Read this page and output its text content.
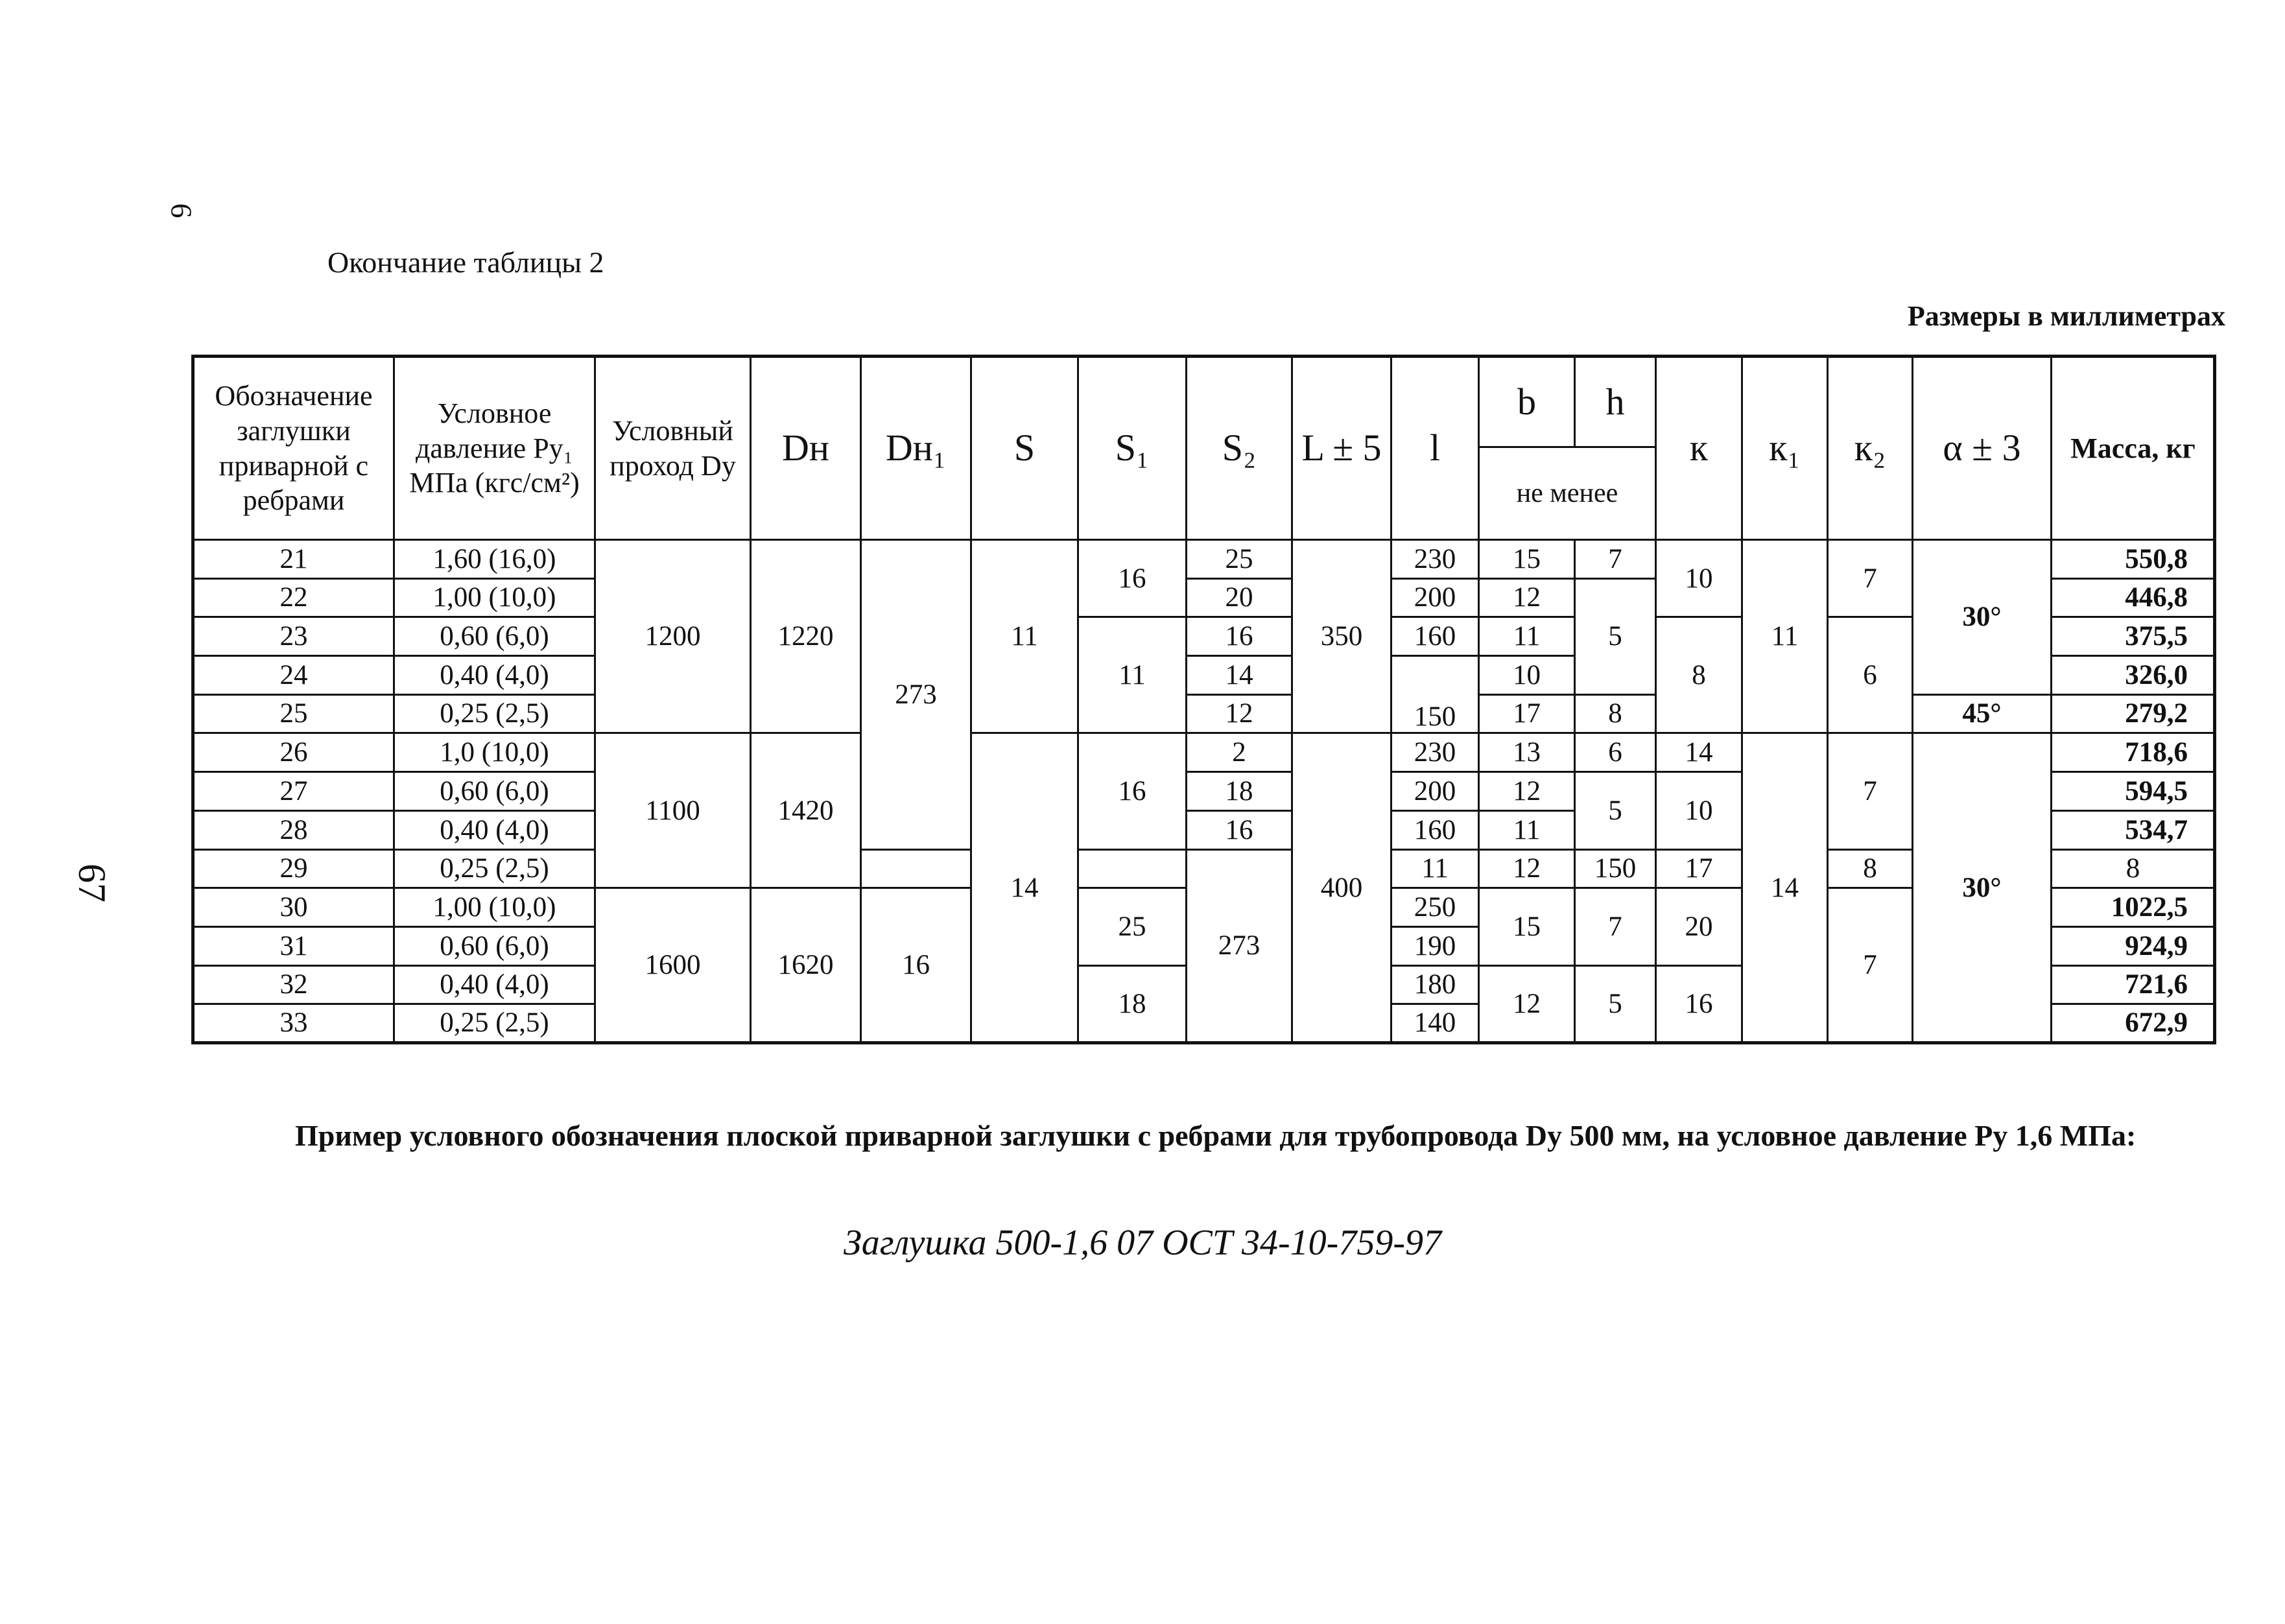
6
67
Окончание таблицы 2
Размеры в миллиметрах
Обозначение заглушки приварной с ребрами	Условное давление Py₁ МПа (кгс/см²)	Условный проход Dy	Dн	Dн₁	S	S₁	S₂	L ± 5	l	b	h	к	к₁	к₂	α ± 3	Масса, кг	
										не менее							
21	1,60 (16,0)	1200	1220	273	11	16	25	350	230	15	7	10	11	7	30°	550,8	
22	1,00 (10,0)						20		200	12	5					446,8	
23	0,60 (6,0)					11	16		160	11		8		6		375,5	
24	0,40 (4,0)						14		150	10						326,0	
25	0,25 (2,5)						12			17	8				45°	279,2	
26	1,0 (10,0)	1100	1420		14	16	2	400	230	13	6	14	14	7	30°	718,6	
27	0,60 (6,0)						18		200	12	5	10				594,5	
28	0,40 (4,0)						16		160	11						534,7	
29	0,25 (2,5)						273		11	12	150	17		8		8		
30	1,00 (10,0)	1600	1620	16		25			250	15	7	20		7		1022,5	
31	0,60 (6,0)								190							924,9	
32	0,40 (4,0)					18			180	12	5	16				721,6	
33	0,25 (2,5)								140							672,9	
Пример условного обозначения плоской приварной заглушки с ребрами для трубопровода Dy 500 мм, на условное давление Py 1,6 МПа:
Заглушка 500-1,6 07 ОСТ 34-10-759-97
